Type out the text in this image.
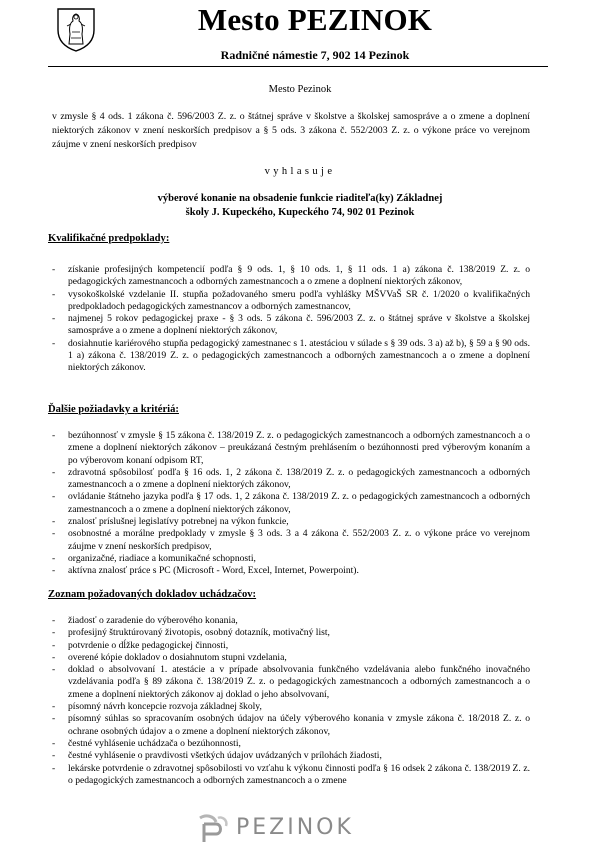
Mesto PEZINOK
Radničné námestie 7, 902 14 Pezinok
Mesto Pezinok

v zmysle § 4 ods. 1 zákona č. 596/2003 Z. z. o štátnej správe v školstve a školskej samospráve a o zmene a doplnení niektorých zákonov v znení neskorších predpisov a § 5 ods. 3 zákona č. 552/2003 Z. z. o výkone práce vo verejnom záujme v znení neskorších predpisov

vyhlasuje
výberové konanie na obsadenie funkcie riaditeľa(ky) Základnej
školy J. Kupeckého, Kupeckého 74, 902 01 Pezinok
Kvalifikačné predpoklady:
- získanie profesijných kompetencií podľa § 9 ods. 1, § 10 ods. 1, § 11 ods. 1 a) zákona č. 138/2019 Z. z. o pedagogických zamestnancoch a odborných zamestnancoch a o zmene a doplnení niektorých zákonov,
- vysokoškolské vzdelanie II. stupňa požadovaného smeru podľa vyhlášky MŠVVaŠ SR č. 1/2020 o kvalifikačných predpokladoch pedagogických zamestnancov a odborných zamestnancov,
- najmenej 5 rokov pedagogickej praxe - § 3 ods. 5 zákona č. 596/2003 Z. z. o štátnej správe v školstve a školskej samospráve a o zmene a doplnení niektorých zákonov,
- dosiahnutie kariérového stupňa pedagogický zamestnanec s 1. atestáciou v súlade s § 39 ods. 3 a) až b), § 59 a § 90 ods. 1 a) zákona č. 138/2019 Z. z. o pedagogických zamestnancoch a odborných zamestnancoch a o zmene a doplnení niektorých zákonov.
Ďalšie požiadavky a kritériá:
- bezúhonnosť v zmysle § 15 zákona č. 138/2019 Z. z. o pedagogických zamestnancoch a odborných zamestnancoch a o zmene a doplnení niektorých zákonov – preukázaná čestným prehlásením o bezúhonnosti pred výberovým konaním a po výberovom konaní odpisom RT,
- zdravotná spôsobilosť podľa § 16 ods. 1, 2 zákona č. 138/2019 Z. z. o pedagogických zamestnancoch a odborných zamestnancoch a o zmene a doplnení niektorých zákonov,
- ovládanie štátneho jazyka podľa § 17 ods. 1, 2 zákona č. 138/2019 Z. z. o pedagogických zamestnancoch a odborných zamestnancoch a o zmene a doplnení niektorých zákonov,
- znalosť príslušnej legislatívy potrebnej na výkon funkcie,
- osobnostné a morálne predpoklady v zmysle § 3 ods. 3 a 4 zákona č. 552/2003 Z. z. o výkone práce vo verejnom záujme v znení neskorších predpisov,
- organizačné, riadiace a komunikačné schopnosti,
- aktívna znalosť práce s PC (Microsoft - Word, Excel, Internet, Powerpoint).
Zoznam požadovaných dokladov uchádzačov:
- žiadosť o zaradenie do výberového konania,
- profesijný štruktúrovaný životopis, osobný dotazník, motivačný list,
- potvrdenie o dĺžke pedagogickej činnosti,
- overené kópie dokladov o dosiahnutom stupni vzdelania,
- doklad o absolvovaní 1. atestácie a v prípade absolvovania funkčného vzdelávania alebo funkčného inovačného vzdelávania podľa § 89 zákona č. 138/2019 Z. z. o pedagogických zamestnancoch a odborných zamestnancoch a o zmene a doplnení niektorých zákonov aj doklad o jeho absolvovaní,
- písomný návrh koncepcie rozvoja základnej školy,
- písomný súhlas so spracovaním osobných údajov na účely výberového konania v zmysle zákona č. 18/2018 Z. z. o ochrane osobných údajov a o zmene a doplnení niektorých zákonov,
- čestné vyhlásenie uchádzača o bezúhonnosti,
- čestné vyhlásenie o pravdivosti všetkých údajov uvádzaných v prílohách žiadosti,
- lekárske potvrdenie o zdravotnej spôsobilosti vo vzťahu k výkonu činnosti podľa § 16 odsek 2 zákona č. 138/2019 Z. z. o pedagogických zamestnancoch a odborných zamestnancoch a o zmene
PEZINOK
